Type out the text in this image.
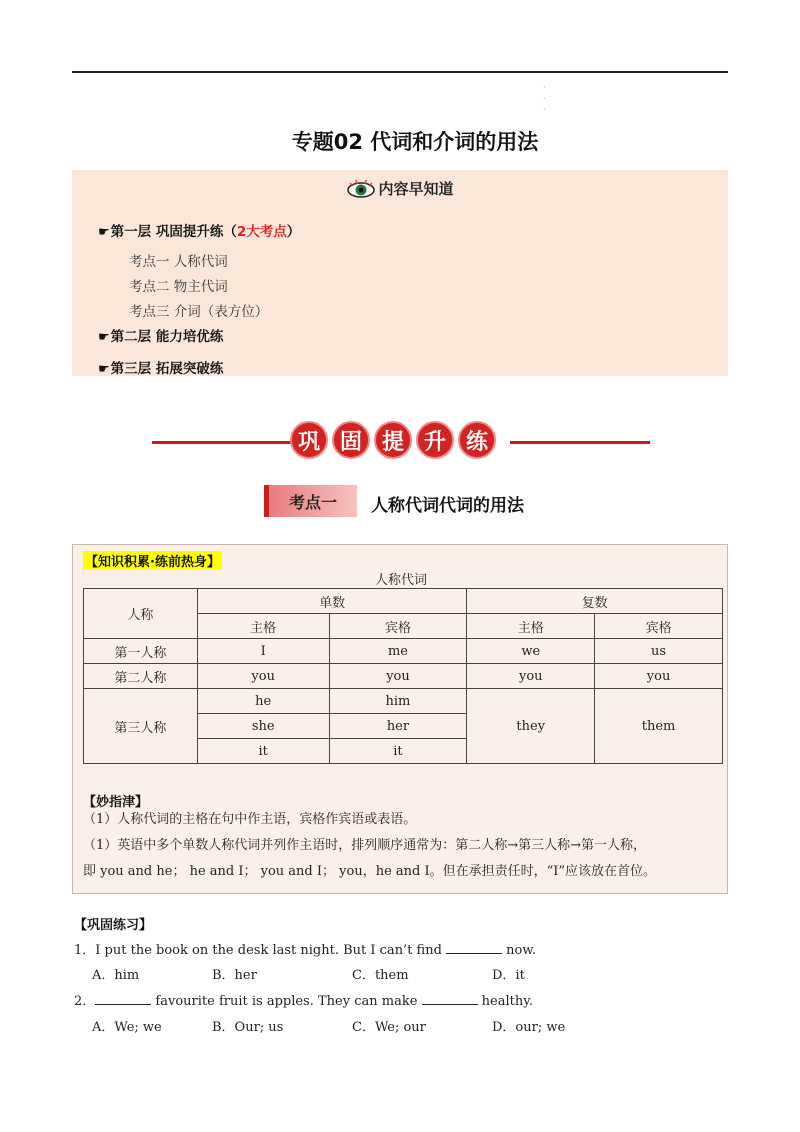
· · ·
专题02 代词和介词的用法
内容早知道
☛第一层 巩固提升练（2大考点）
考点一 人称代词
考点二 物主代词
考点三 介词（表方位）
☛第二层 能力培优练
☛第三层 拓展突破练
巩 固 提 升 练
考点一	人称代词代词的用法
【知识积累·练前热身】
人称代词
人称	单数		复数	
	主格	宾格	主格	宾格
第一人称	I	me	we	us
第二人称	you	you	you	you
第三人称	he	him	they	them
	she	her		
	it	it		
【妙指津】
（1）人称代词的主格在句中作主语，宾格作宾语或表语。
（1）英语中多个单数人称代词并列作主语时，排列顺序通常为：第二人称→第三人称→第一人称，
即 you and he； he and I； you and I； you，he and I。但在承担责任时，“I”应该放在首位。
【巩固练习】
1．I put the book on the desk last night. But I can’t find	now.
A．him	B．her	C．them	D．it
2．	favourite fruit is apples. They can make	healthy.
A．We; we	B．Our; us	C．We; our	D．our; we
